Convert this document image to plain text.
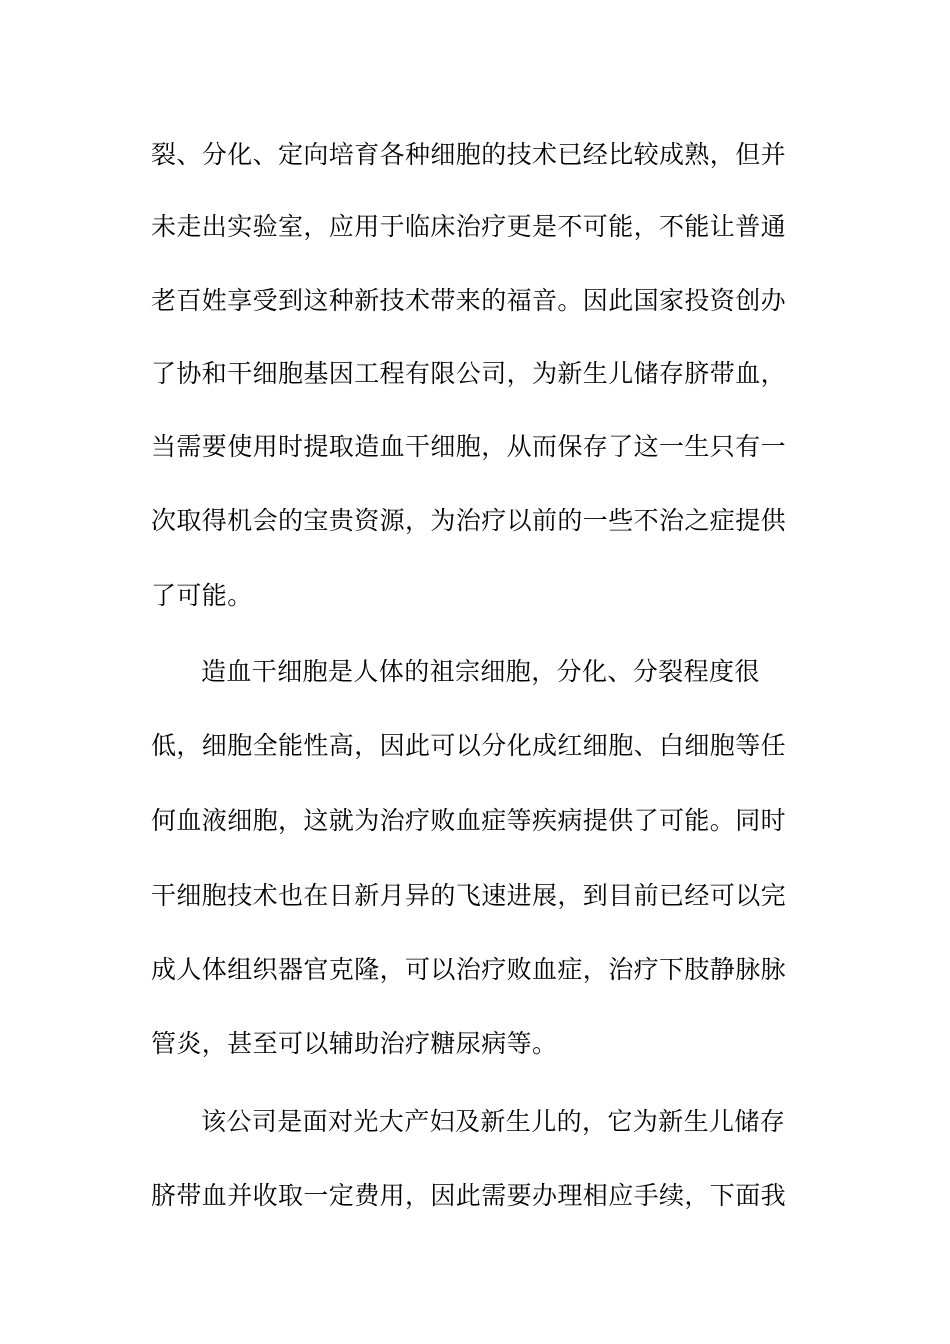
裂、分化、定向培育各种细胞的技术已经比较成熟，但并
未走出实验室，应用于临床治疗更是不可能，不能让普通
老百姓享受到这种新技术带来的福音。因此国家投资创办
了协和干细胞基因工程有限公司，为新生儿储存脐带血，
当需要使用时提取造血干细胞，从而保存了这一生只有一
次取得机会的宝贵资源，为治疗以前的一些不治之症提供
了可能。
造血干细胞是人体的祖宗细胞，分化、分裂程度很
低，细胞全能性高，因此可以分化成红细胞、白细胞等任
何血液细胞，这就为治疗败血症等疾病提供了可能。同时
干细胞技术也在日新月异的飞速进展，到目前已经可以完
成人体组织器官克隆，可以治疗败血症，治疗下肢静脉脉
管炎，甚至可以辅助治疗糖尿病等。
该公司是面对光大产妇及新生儿的，它为新生儿储存
脐带血并收取一定费用，因此需要办理相应手续，下面我
